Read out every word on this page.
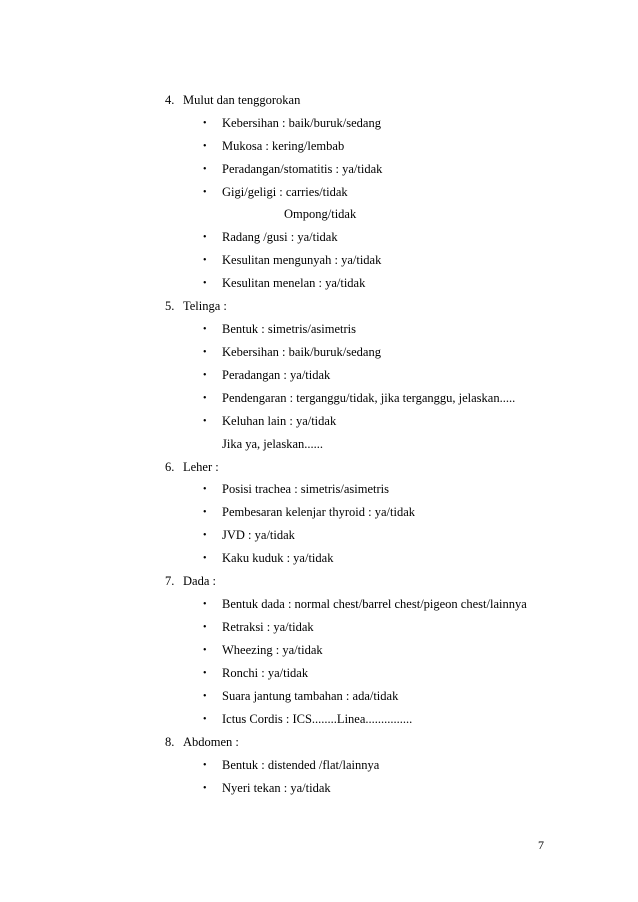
4. Mulut dan tenggorokan
• Kebersihan : baik/buruk/sedang
• Mukosa : kering/lembab
• Peradangan/stomatitis : ya/tidak
• Gigi/geligi : carries/tidak
Ompong/tidak
• Radang /gusi : ya/tidak
• Kesulitan mengunyah : ya/tidak
• Kesulitan menelan : ya/tidak
5. Telinga :
• Bentuk : simetris/asimetris
• Kebersihan : baik/buruk/sedang
• Peradangan : ya/tidak
• Pendengaran : terganggu/tidak, jika terganggu, jelaskan.....
• Keluhan lain : ya/tidak
Jika ya, jelaskan......
6. Leher :
• Posisi trachea : simetris/asimetris
• Pembesaran kelenjar thyroid : ya/tidak
• JVD : ya/tidak
• Kaku kuduk : ya/tidak
7. Dada :
• Bentuk dada : normal chest/barrel chest/pigeon chest/lainnya
• Retraksi : ya/tidak
• Wheezing : ya/tidak
• Ronchi : ya/tidak
• Suara jantung tambahan : ada/tidak
• Ictus Cordis : ICS........Linea...............
8. Abdomen :
• Bentuk : distended /flat/lainnya
• Nyeri tekan : ya/tidak
7
